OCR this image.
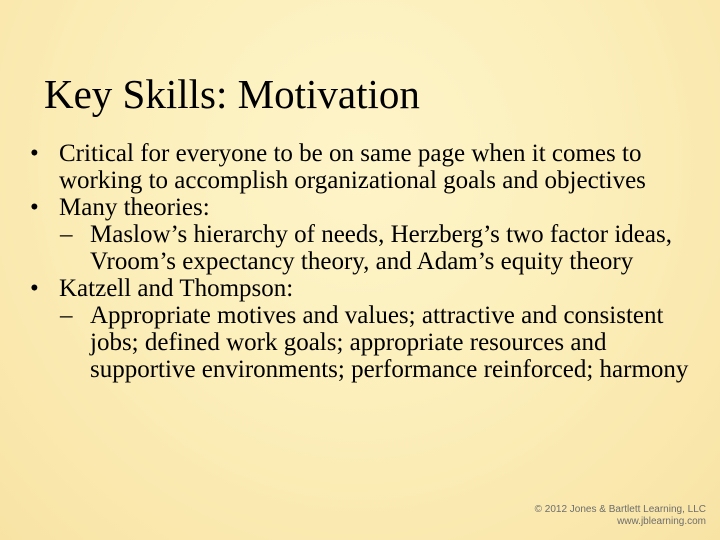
Key Skills: Motivation
• Critical for everyone to be on same page when it comes to working to accomplish organizational goals and objectives
• Many theories:
– Maslow’s hierarchy of needs, Herzberg’s two factor ideas, Vroom’s expectancy theory, and Adam’s equity theory
• Katzell and Thompson:
– Appropriate motives and values; attractive and consistent jobs; defined work goals; appropriate resources and supportive environments; performance reinforced; harmony
© 2012 Jones & Bartlett Learning, LLC
www.jblearning.com
